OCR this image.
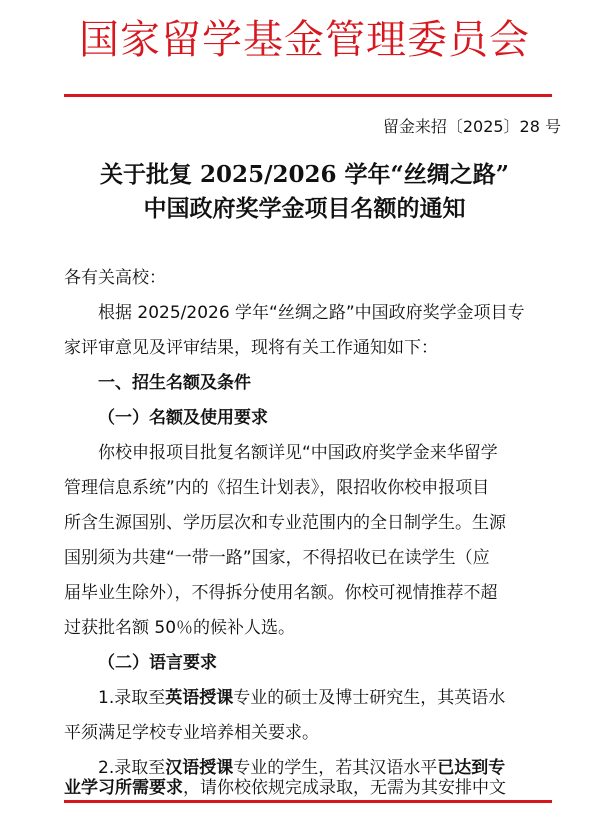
国家留学基金管理委员会
留金来招〔2025〕28 号
关于批复 2025/2026 学年“丝绸之路”
中国政府奖学金项目名额的通知
各有关高校：
根据 2025/2026 学年“丝绸之路”中国政府奖学金项目专
家评审意见及评审结果，现将有关工作通知如下：
一、招生名额及条件
（一）名额及使用要求
你校申报项目批复名额详见“中国政府奖学金来华留学
管理信息系统”内的《招生计划表》，限招收你校申报项目
所含生源国别、学历层次和专业范围内的全日制学生。生源
国别须为共建“一带一路”国家，不得招收已在读学生（应
届毕业生除外），不得拆分使用名额。你校可视情推荐不超
过获批名额 50％的候补人选。
（二）语言要求
1.录取至英语授课专业的硕士及博士研究生，其英语水
平须满足学校专业培养相关要求。
2.录取至汉语授课专业的学生，若其汉语水平已达到专
业学习所需要求，请你校依规完成录取，无需为其安排中文
